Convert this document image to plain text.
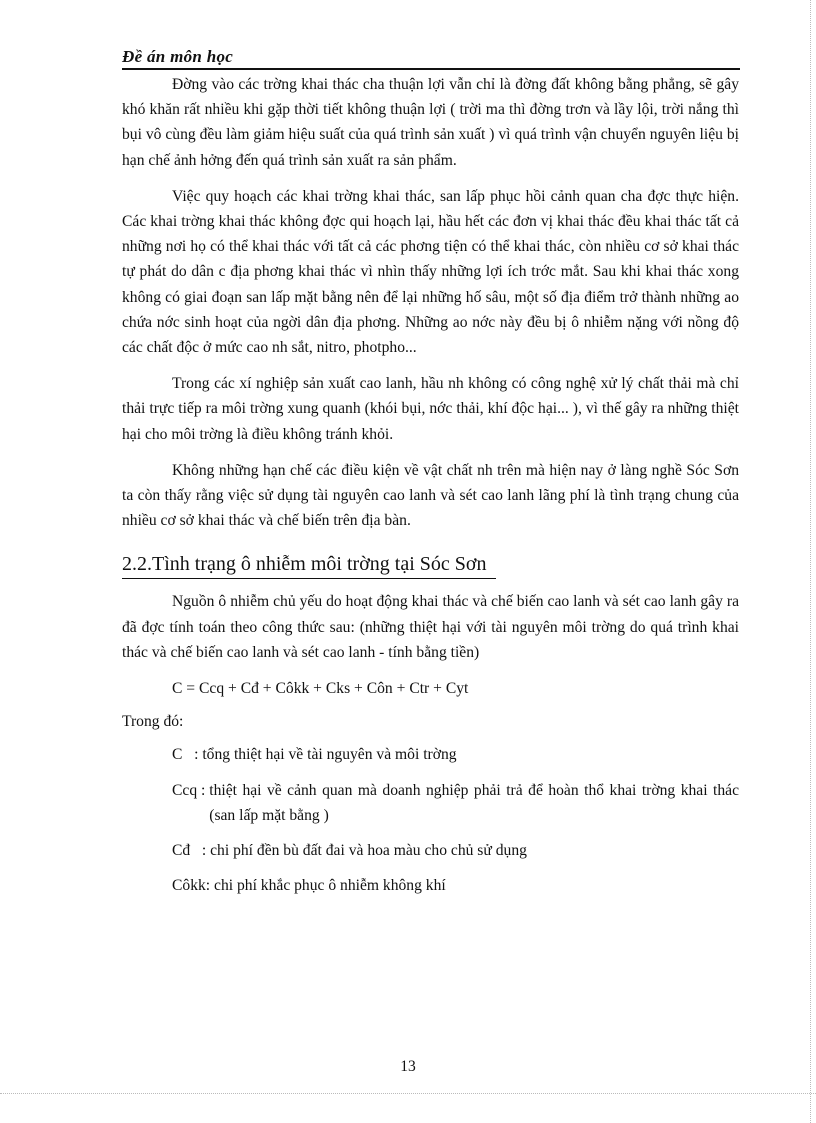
Đề án môn học

Đờng vào các trờng khai thác cha thuận lợi vẫn chỉ là đờng đất không bằng phẳng, sẽ gây khó khăn rất nhiều khi gặp thời tiết không thuận lợi ( trời ma thì đờng trơn và lầy lội, trời nắng thì bụi vô cùng đều làm giảm hiệu suất của quá trình sản xuất ) vì quá trình vận chuyển nguyên liệu bị hạn chế ảnh hởng đến quá trình sản xuất ra sản phẩm.

Việc quy hoạch các khai trờng khai thác, san lấp phục hồi cảnh quan cha đợc thực hiện. Các khai trờng khai thác không đợc qui hoạch lại, hầu hết các đơn vị khai thác đều khai thác tất cả những nơi họ có thể khai thác với tất cả các phơng tiện có thể khai thác, còn nhiều cơ sở khai thác tự phát do dân c địa phơng khai thác vì nhìn thấy những lợi ích trớc mắt. Sau khi khai thác xong không có giai đoạn san lấp mặt bằng nên để lại những hố sâu, một số địa điểm trở thành những ao chứa nớc sinh hoạt của ngời dân địa phơng. Những ao nớc này đều bị ô nhiễm nặng với nồng độ các chất độc ở mức cao nh sắt, nitro, photpho...

Trong các xí nghiệp sản xuất cao lanh, hầu nh không có công nghệ xử lý chất thải mà chỉ thải trực tiếp ra môi trờng xung quanh (khói bụi, nớc thải, khí độc hại... ), vì thế gây ra những thiệt hại cho môi trờng là điều không tránh khỏi.

Không những hạn chế các điều kiện về vật chất nh trên mà hiện nay ở làng nghề Sóc Sơn ta còn thấy rằng việc sử dụng tài nguyên cao lanh và sét cao lanh lãng phí là tình trạng chung của nhiều cơ sở khai thác và chế biến trên địa bàn.

2.2.Tình trạng ô nhiễm môi trờng tại Sóc Sơn

Nguồn ô nhiễm chủ yếu do hoạt động khai thác và chế biến cao lanh và sét cao lanh gây ra đã đợc tính toán theo công thức sau: (những thiệt hại với tài nguyên môi trờng do quá trình khai thác và chế biến cao lanh và sét cao lanh - tính bằng tiền)

C = Ccq + Cđ + Côkk + Cks + Côn + Ctr + Cyt
Trong đó:
C   : tổng thiệt hại về tài nguyên và môi trờng
Ccq : thiệt hại về cảnh quan mà doanh nghiệp phải trả để hoàn thổ khai trờng khai thác (san lấp mặt bằng )
Cđ   : chi phí đền bù đất đai và hoa màu cho chủ sử dụng
Côkk: chi phí khắc phục ô nhiễm không khí
13
